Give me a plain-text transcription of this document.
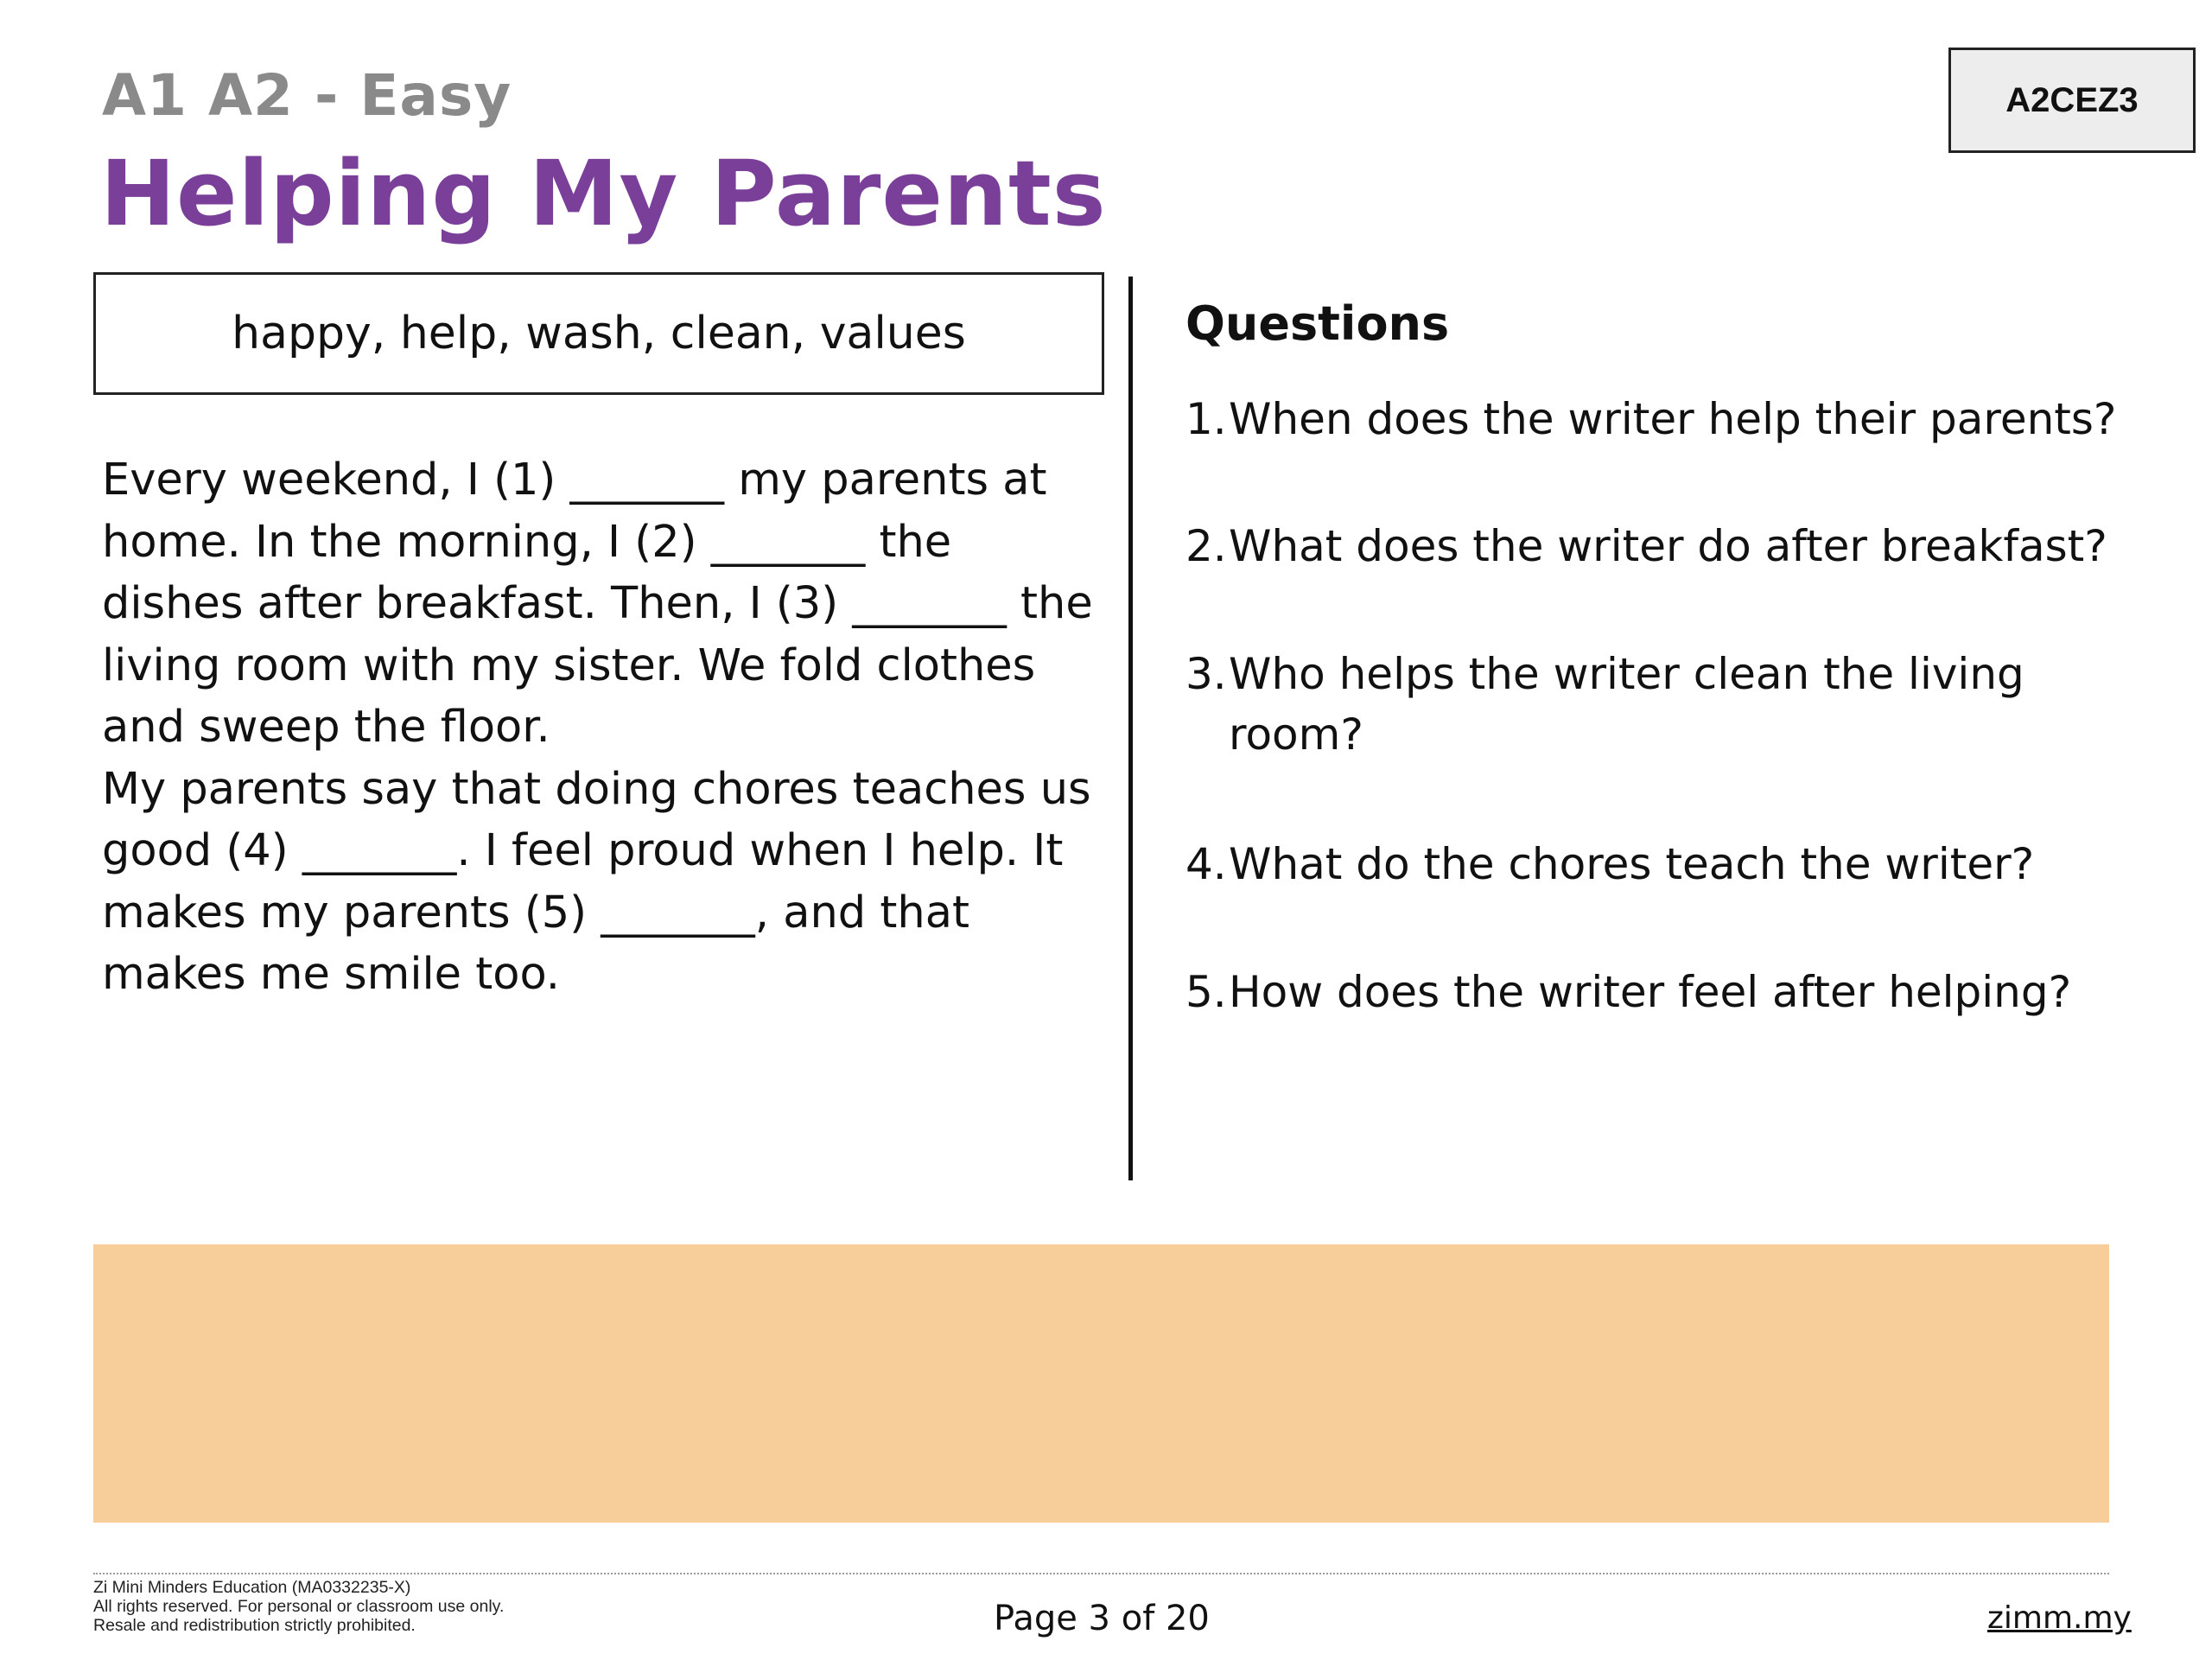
A1 A2 - Easy
Helping My Parents
A2CEZ3
happy, help, wash, clean, values

Every weekend, I (1) _______ my parents at home. In the morning, I (2) _______ the dishes after breakfast. Then, I (3) _______ the living room with my sister. We fold clothes and sweep the floor.

My parents say that doing chores teaches us good (4) _______. I feel proud when I help. It makes my parents (5) _______, and that makes me smile too.

Questions
1. When does the writer help their parents?
2. What does the writer do after breakfast?
3. Who helps the writer clean the living room?
4. What do the chores teach the writer?
5. How does the writer feel after helping?
Zi Mini Minders Education (MA0332235-X)
All rights reserved. For personal or classroom use only.
Resale and redistribution strictly prohibited.	Page 3 of 20	zimm.my
